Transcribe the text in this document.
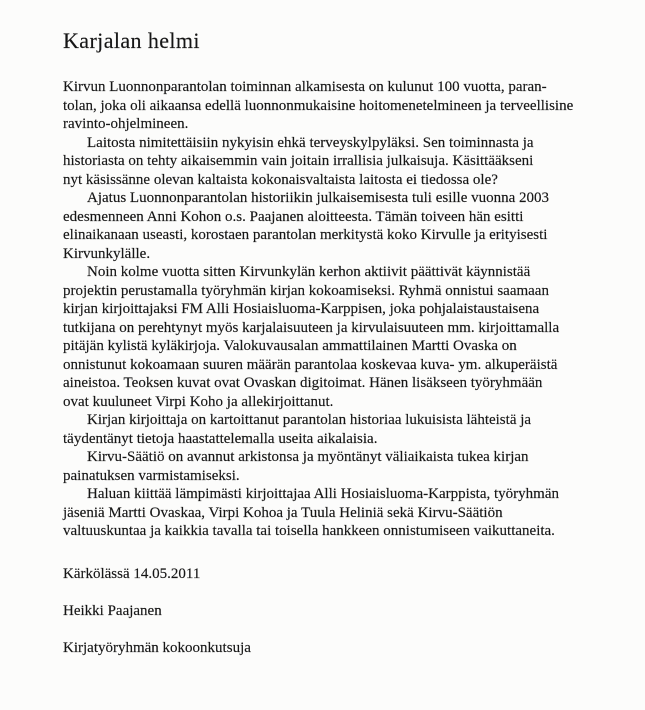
Karjalan helmi
Kirvun Luonnonparantolan toiminnan alkamisesta on kulunut 100 vuotta, paran-
tolan, joka oli aikaansa edellä luonnonmukaisine hoitomenetelmineen ja terveellisine
ravinto-ohjelmineen.
Laitosta nimitettäisiin nykyisin ehkä terveyskylpyläksi. Sen toiminnasta ja
historiasta on tehty aikaisemmin vain joitain irrallisia julkaisuja. Käsittääkseni
nyt käsissänne olevan kaltaista kokonaisvaltaista laitosta ei tiedossa ole?
Ajatus Luonnonparantolan historiikin julkaisemisesta tuli esille vuonna 2003
edesmenneen Anni Kohon o.s. Paajanen aloitteesta. Tämän toiveen hän esitti
elinaikanaan useasti, korostaen parantolan merkitystä koko Kirvulle ja erityisesti
Kirvunkylälle.
Noin kolme vuotta sitten Kirvunkylän kerhon aktiivit päättivät käynnistää
projektin perustamalla työryhmän kirjan kokoamiseksi. Ryhmä onnistui saamaan
kirjan kirjoittajaksi FM Alli Hosiaisluoma-Karppisen, joka pohjalaistaustaisena
tutkijana on perehtynyt myös karjalaisuuteen ja kirvulaisuuteen mm. kirjoittamalla
pitäjän kylistä kyläkirjoja. Valokuvausalan ammattilainen Martti Ovaska on
onnistunut kokoamaan suuren määrän parantolaa koskevaa kuva- ym. alkuperäistä
aineistoa. Teoksen kuvat ovat Ovaskan digitoimat. Hänen lisäkseen työryhmään
ovat kuuluneet Virpi Koho ja allekirjoittanut.
Kirjan kirjoittaja on kartoittanut parantolan historiaa lukuisista lähteistä ja
täydentänyt tietoja haastattelemalla useita aikalaisia.
Kirvu-Säätiö on avannut arkistonsa ja myöntänyt väliaikaista tukea kirjan
painatuksen varmistamiseksi.
Haluan kiittää lämpimästi kirjoittajaa Alli Hosiaisluoma-Karppista, työryhmän
jäseniä Martti Ovaskaa, Virpi Kohoa ja Tuula Heliniä sekä Kirvu-Säätiön
valtuuskuntaa ja kaikkia tavalla tai toisella hankkeen onnistumiseen vaikuttaneita.
Kärkölässä 14.05.2011
Heikki Paajanen
Kirjatyöryhmän kokoonkutsuja
